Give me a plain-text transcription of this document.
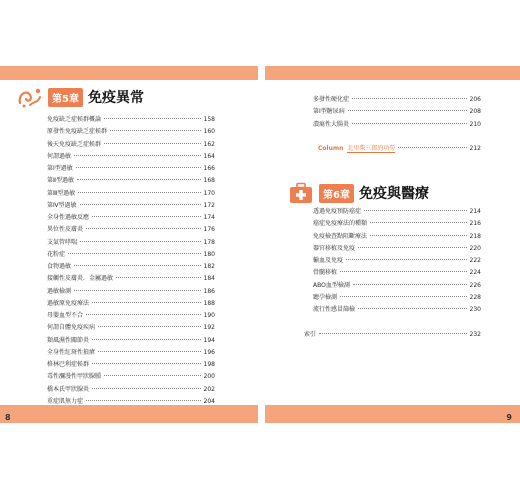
第5章 免疫異常
免疫缺乏症候群概論	158
原發性免疫缺乏症候群	160
後天免疫缺乏症候群	162
何謂過敏	164
第Ⅰ型過敏	166
第Ⅱ型過敏	168
第Ⅲ型過敏	170
第Ⅳ型過敏	172
全身性過敏反應	174
異位性皮膚炎	176
支氣管哮喘	178
花粉症	180
食物過敏	182
接觸性皮膚炎．金屬過敏	184
過敏檢測	186
過敏原免疫療法	188
母嬰血型不合	190
何謂自體免疫疾病	192
類風濕性關節炎	194
全身性紅斑性狼瘡	196
格林巴利症候群	198
毒性瀰漫性甲狀腺腫	200
橋本氏甲狀腺炎	202
重症肌無力症	204
多發性硬化症	206
第Ⅰ型糖尿病	208
潰瘍性大腸炎	210
Column 北里柴三郎的功勞	212
第6章 免疫與醫療
透過免疫預防癌症	214
癌症免疫療法的種類	216
免疫檢查點阻斷療法	218
器官移植及免疫	220
輸血及免疫	222
骨髓移植	224
ABO血型檢測	226
聽孕檢測	228
流行性感冒篩檢	230
索引	232
8	9
